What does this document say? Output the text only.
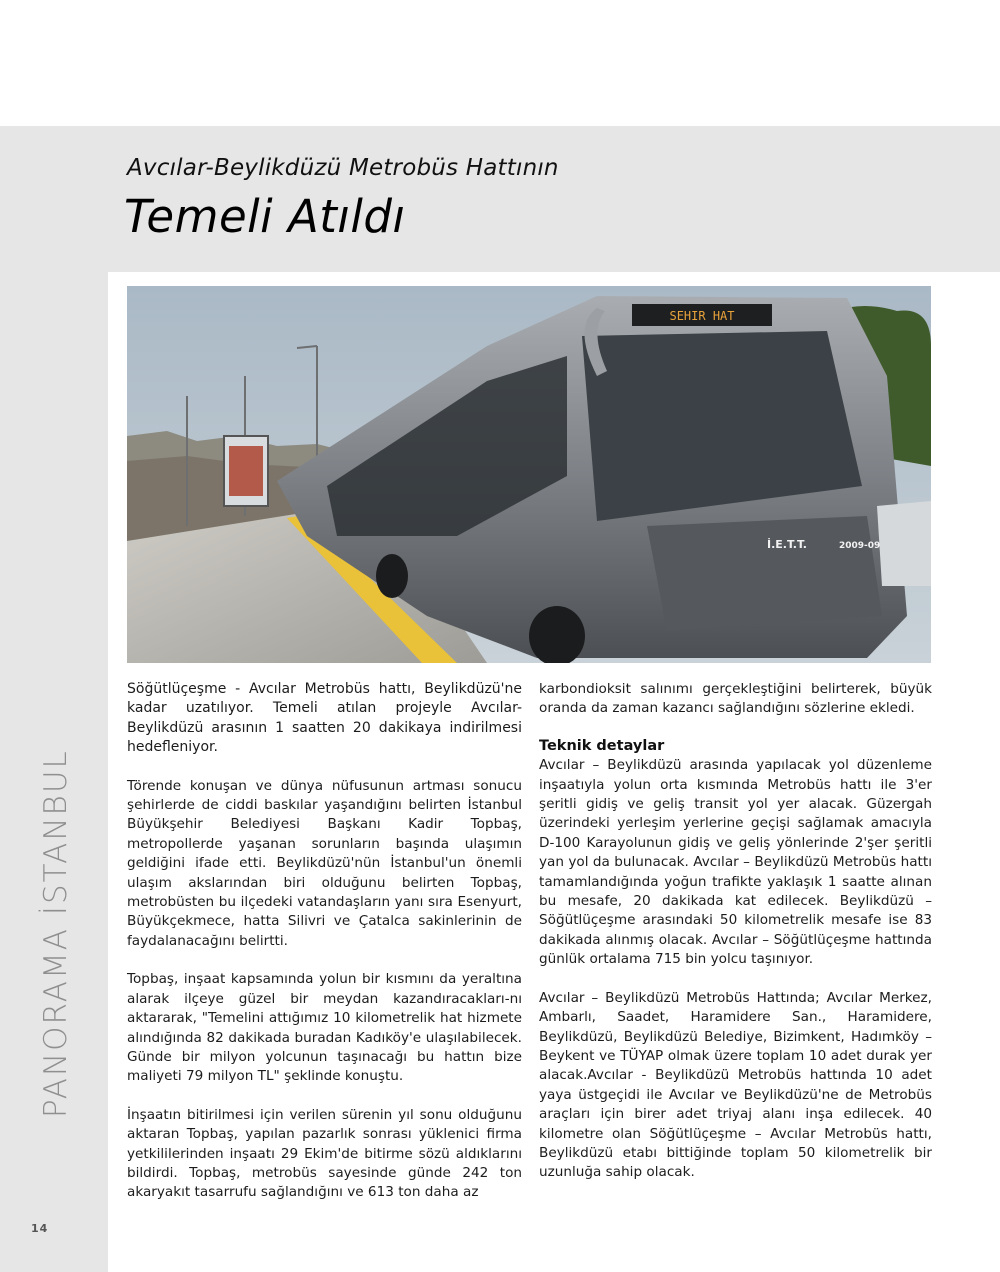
Avcılar-Beylikdüzü Metrobüs Hattının
Temeli Atıldı
SEHIR HAT
İ.E.T.T.	2009-09
PANORAMA İSTANBUL
14

Söğütlüçeşme - Avcılar Metrobüs hattı, Beylikdüzü'ne kadar uzatılıyor. Temeli atılan projeyle Avcılar-Beylikdüzü arasının 1 saatten 20 dakikaya indirilmesi hedefleniyor.

Törende konuşan ve dünya nüfusunun artması sonucu şehirlerde de ciddi baskılar yaşandığını belirten İstanbul Büyükşehir Belediyesi Başkanı Kadir Topbaş, metropollerde yaşanan sorunların başında ulaşımın geldiğini ifade etti. Beylikdüzü'nün İstanbul'un önemli ulaşım akslarından biri olduğunu belirten Topbaş, metrobüsten bu ilçedeki vatandaşların yanı sıra Esenyurt, Büyükçekmece, hatta Silivri ve Çatalca sakinlerinin de faydalanacağını belirtti.

Topbaş, inşaat kapsamında yolun bir kısmını da yeraltına alarak ilçeye güzel bir meydan kazandıracakları-nı aktararak, "Temelini attığımız 10 kilometrelik hat hizmete alındığında 82 dakikada buradan Kadıköy'e ulaşılabilecek. Günde bir milyon yolcunun taşınacağı bu hattın bize maliyeti 79 milyon TL" şeklinde konuştu.

İnşaatın bitirilmesi için verilen sürenin yıl sonu olduğunu aktaran Topbaş, yapılan pazarlık sonrası yüklenici firma yetkililerinden inşaatı 29 Ekim'de bitirme sözü aldıklarını bildirdi. Topbaş, metrobüs sayesinde günde 242 ton akaryakıt tasarrufu sağlandığını ve 613 ton daha az

karbondioksit salınımı gerçekleştiğini belirterek, büyük oranda da zaman kazancı sağlandığını sözlerine ekledi.

Teknik detaylar

Avcılar – Beylikdüzü arasında yapılacak yol düzenleme inşaatıyla yolun orta kısmında Metrobüs hattı ile 3'er şeritli gidiş ve geliş transit yol yer alacak. Güzergah üzerindeki yerleşim yerlerine geçişi sağlamak amacıyla D-100 Karayolunun gidiş ve geliş yönlerinde 2'şer şeritli yan yol da bulunacak. Avcılar – Beylikdüzü Metrobüs hattı tamamlandığında yoğun trafikte yaklaşık 1 saatte alınan bu mesafe, 20 dakikada kat edilecek. Beylikdüzü – Söğütlüçeşme arasındaki 50 kilometrelik mesafe ise 83 dakikada alınmış olacak. Avcılar – Söğütlüçeşme hattında günlük ortalama 715 bin yolcu taşınıyor.

Avcılar – Beylikdüzü Metrobüs Hattında; Avcılar Merkez, Ambarlı, Saadet, Haramidere San., Haramidere, Beylikdüzü, Beylikdüzü Belediye, Bizimkent, Hadımköy – Beykent ve TÜYAP olmak üzere toplam 10 adet durak yer alacak.Avcılar - Beylikdüzü Metrobüs hattında 10 adet yaya üstgeçidi ile Avcılar ve Beylikdüzü'ne de Metrobüs araçları için birer adet triyaj alanı inşa edilecek. 40 kilometre olan Söğütlüçeşme – Avcılar Metrobüs hattı, Beylikdüzü etabı bittiğinde toplam 50 kilometrelik bir uzunluğa sahip olacak.
